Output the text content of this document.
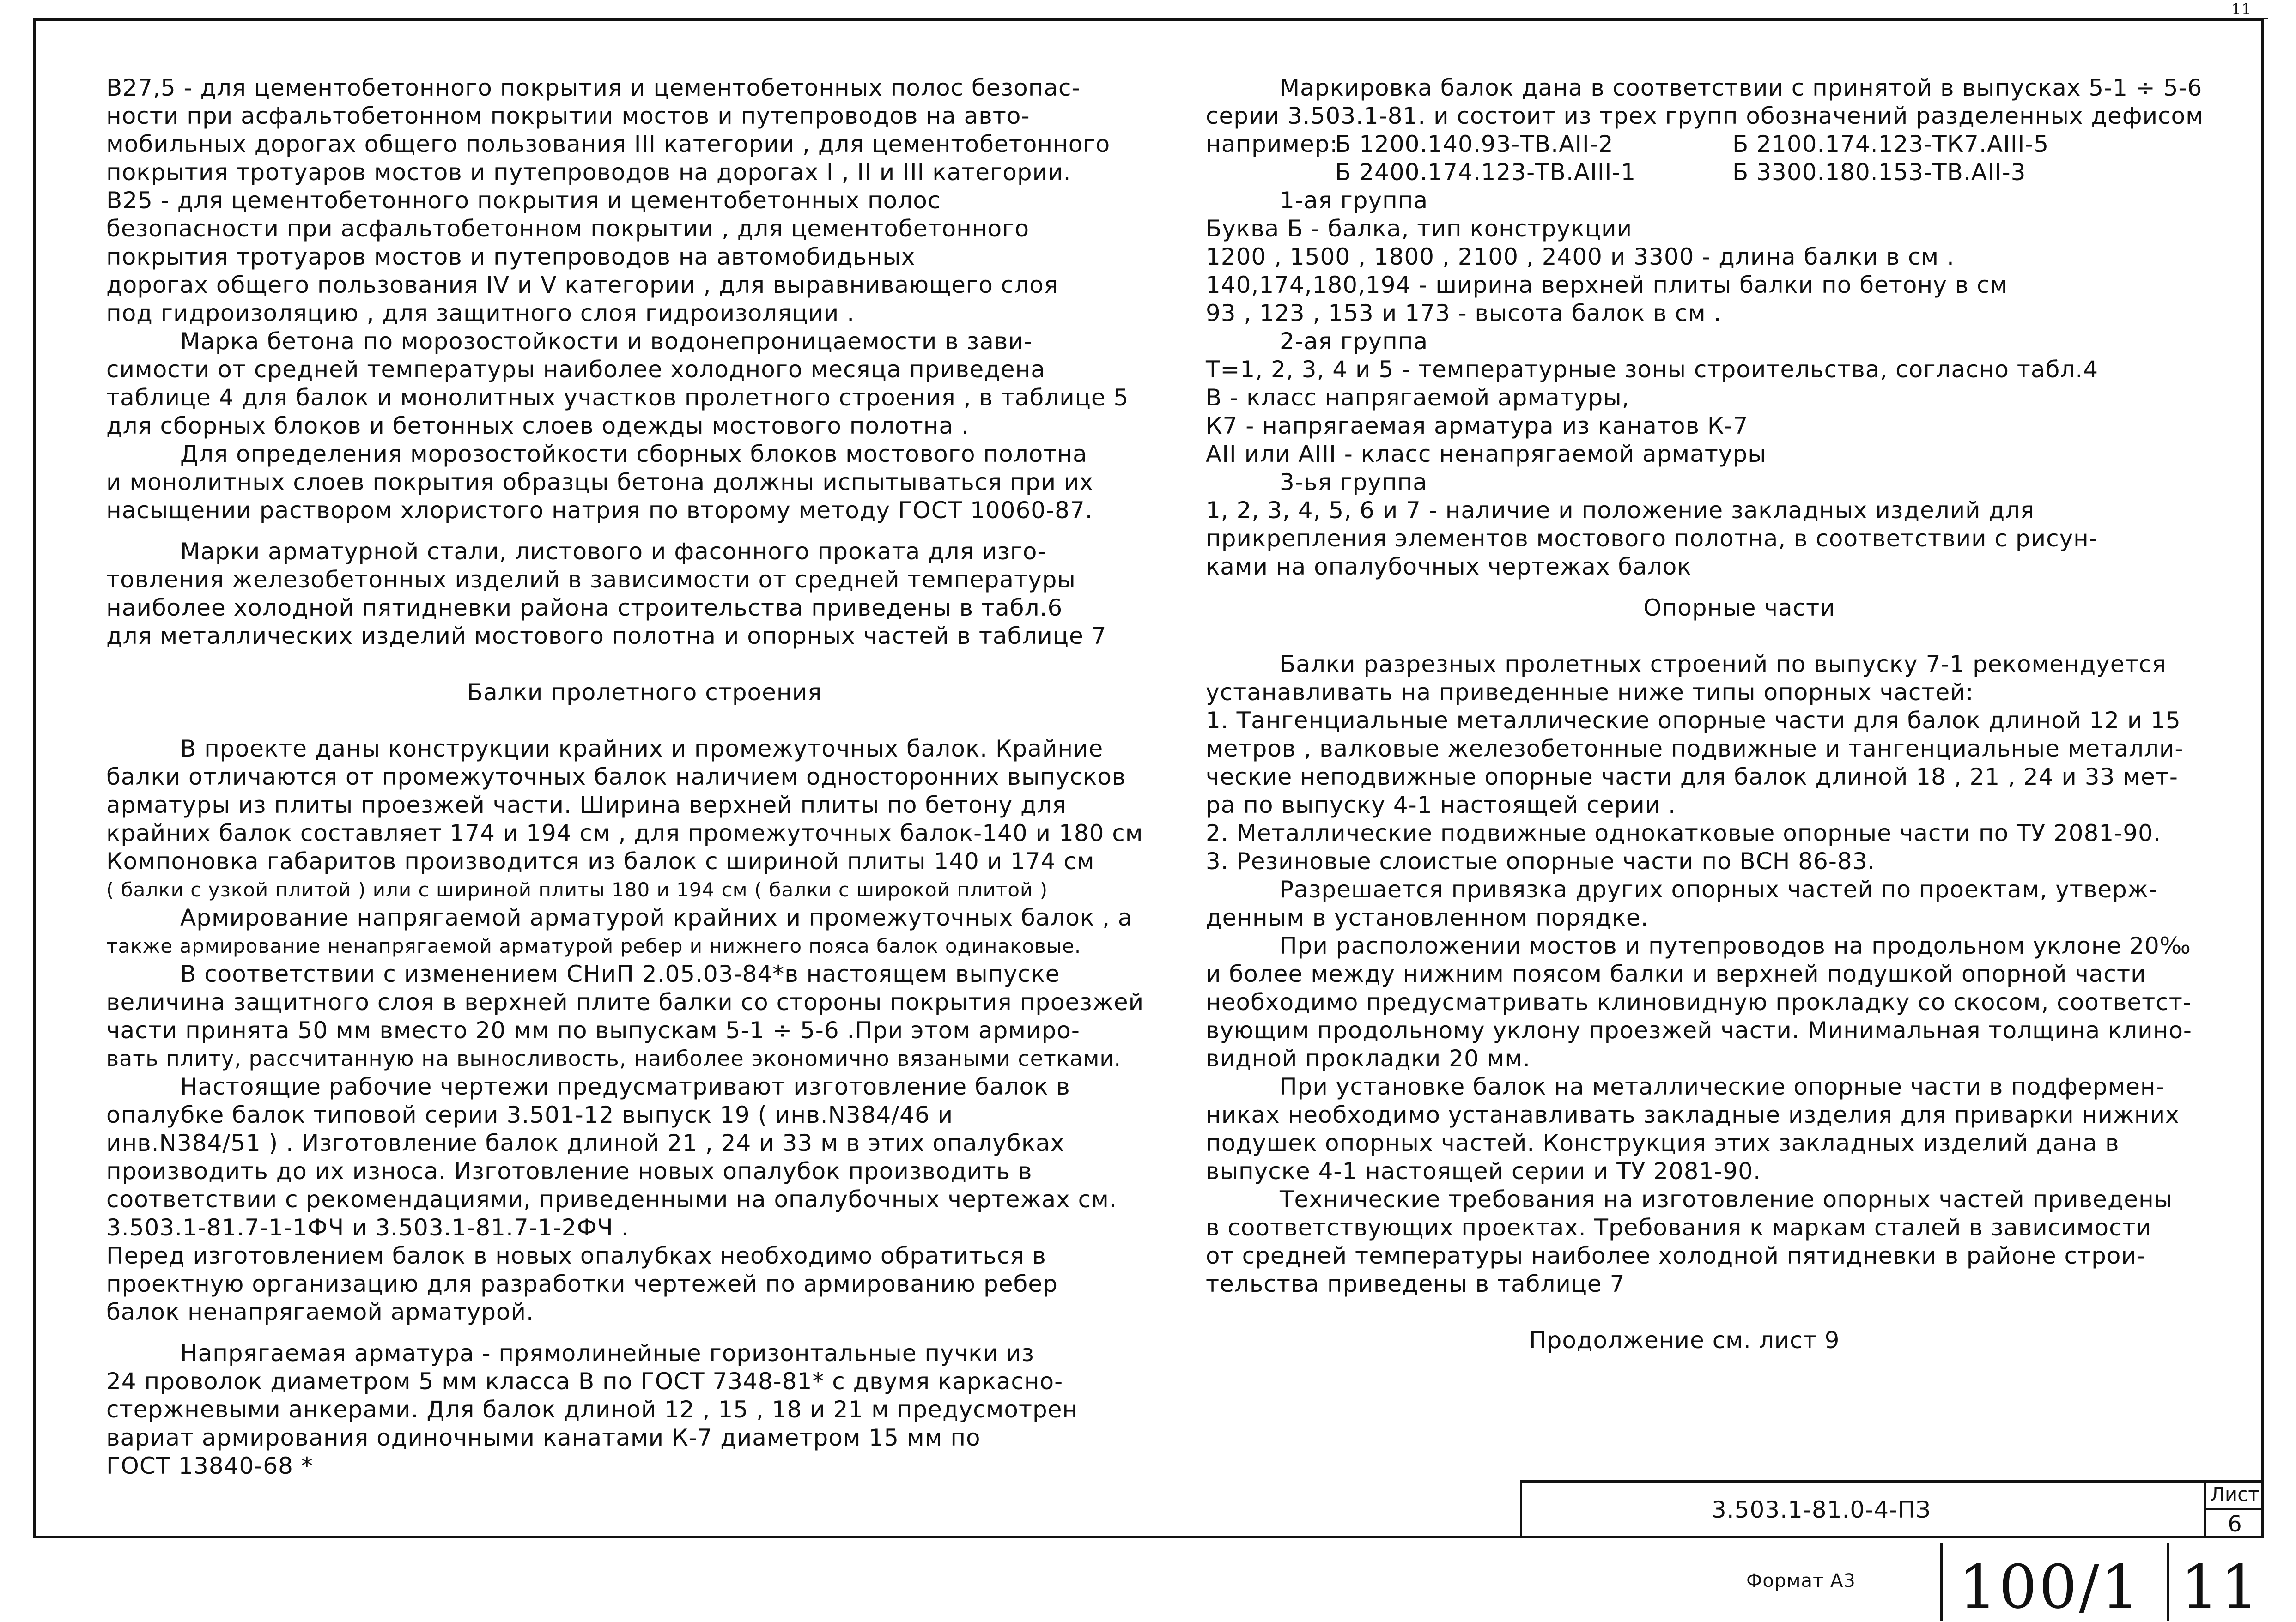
11

B27,5 - для цементобетонного покрытия и цементобетонных полос безопас-

ности при асфальтобетонном покрытии мостов и путепроводов на авто-

мобильных дорогах общего пользования III категории , для цементобетонного

покрытия тротуаров мостов и путепроводов на дорогах I , II и III категории.

B25 - для цементобетонного покрытия и цементобетонных полос

безопасности при асфальтобетонном покрытии , для цементобетонного

покрытия тротуаров мостов и путепроводов на автомобидьных

дорогах общего пользования IV и V категории , для выравнивающего слоя

под гидроизоляцию , для защитного слоя гидроизоляции .

Марка бетона по морозостойкости и водонепроницаемости в зави-

симости от средней температуры наиболее холодного месяца приведена

таблице 4 для балок и монолитных участков пролетного строения , в таблице 5

для сборных блоков и бетонных слоев одежды мостового полотна .

Для определения морозостойкости сборных блоков мостового полотна

и монолитных слоев покрытия образцы бетона должны испытываться при их

насыщении раствором хлористого натрия по второму методу ГОСТ 10060-87.

Марки арматурной стали, листового и фасонного проката для изго-

товления железобетонных изделий в зависимости от средней температуры

наиболее холодной пятидневки района строительства приведены в табл.6

для металлических изделий мостового полотна и опорных частей в таблице 7

Балки пролетного строения

В проекте даны конструкции крайних и промежуточных балок. Крайние

балки отличаются от промежуточных балок наличием односторонних выпусков

арматуры из плиты проезжей части. Ширина верхней плиты по бетону для

крайних балок составляет 174 и 194 см , для промежуточных балок-140 и 180 см

Компоновка габаритов производится из балок с шириной плиты 140 и 174 см

( балки с узкой плитой ) или с шириной плиты 180 и 194 см ( балки с широкой плитой )

Армирование напрягаемой арматурой крайних и промежуточных балок , а

также армирование ненапрягаемой арматурой ребер и нижнего пояса балок одинаковые.

В соответствии с изменением СНиП 2.05.03-84*в настоящем выпуске

величина защитного слоя в верхней плите балки со стороны покрытия проезжей

части принята 50 мм вместо 20 мм по выпускам 5-1 ÷ 5-6 .При этом армиро-

вать плиту, рассчитанную на выносливость, наиболее экономично вязаными сетками.

Настоящие рабочие чертежи предусматривают изготовление балок в

опалубке балок типовой серии 3.501-12 выпуск 19 ( инв.N384/46 и

инв.N384/51 ) . Изготовление балок длиной 21 , 24 и 33 м в этих опалубках

производить до их износа. Изготовление новых опалубок производить в

соответствии с рекомендациями, приведенными на опалубочных чертежах см.

3.503.1-81.7-1-1ФЧ и 3.503.1-81.7-1-2ФЧ .

Перед изготовлением балок в новых опалубках необходимо обратиться в

проектную организацию для разработки чертежей по армированию ребер

балок ненапрягаемой арматурой.

Напрягаемая арматура - прямолинейные горизонтальные пучки из

24 проволок диаметром 5 мм класса В по ГОСТ 7348-81* с двумя каркасно-

стержневыми анкерами. Для балок длиной 12 , 15 , 18 и 21 м предусмотрен

вариат армирования одиночными канатами К-7 диаметром 15 мм по

ГОСТ 13840-68 *

Маркировка балок дана в соответствии с принятой в выпусках 5-1 ÷ 5-6

серии 3.503.1-81. и состоит из трех групп обозначений разделенных дефисом

например:
Б 1200.140.93-ТВ.АII-2	Б 2100.174.123-ТК7.АIII-5
Б 2400.174.123-ТВ.АIII-1	Б 3300.180.153-ТВ.АII-3

1-ая группа

Буква Б - балка, тип конструкции

1200 , 1500 , 1800 , 2100 , 2400 и 3300 - длина балки в см .

140,174,180,194 - ширина верхней плиты балки по бетону в см

93 , 123 , 153 и 173 - высота балок в см .

2-ая группа

Т=1, 2, 3, 4 и 5 - температурные зоны строительства, согласно табл.4

В - класс напрягаемой арматуры,

К7 - напрягаемая арматура из канатов К-7

АII или АIII - класс ненапрягаемой арматуры

3-ья группа

1, 2, 3, 4, 5, 6 и 7 - наличие и положение закладных изделий для

прикрепления элементов мостового полотна, в соответствии с рисун-

ками на опалубочных чертежах балок

Опорные части

Балки разрезных пролетных строений по выпуску 7-1 рекомендуется

устанавливать на приведенные ниже типы опорных частей:

1. Тангенциальные металлические опорные части для балок длиной 12 и 15

метров , валковые железобетонные подвижные и тангенциальные металли-

ческие неподвижные опорные части для балок длиной 18 , 21 , 24 и 33 мет-

ра по выпуску 4-1 настоящей серии .

2. Металлические подвижные однокатковые опорные части по ТУ 2081-90.

3. Резиновые слоистые опорные части по ВСН 86-83.

Разрешается привязка других опорных частей по проектам, утверж-

денным в установленном порядке.

При расположении мостов и путепроводов на продольном уклоне 20‰

и более между нижним поясом балки и верхней подушкой опорной части

необходимо предусматривать клиновидную прокладку со скосом, соответст-

вующим продольному уклону проезжей части. Минимальная толщина клино-

видной прокладки 20 мм.

При установке балок на металлические опорные части в подфермен-

никах необходимо устанавливать закладные изделия для приварки нижних

подушек опорных частей. Конструкция этих закладных изделий дана в

выпуске 4-1 настоящей серии и ТУ 2081-90.

Технические требования на изготовление опорных частей приведены

в соответствующих проектах. Требования к маркам сталей в зависимости

от средней температуры наиболее холодной пятидневки в районе строи-

тельства приведены в таблице 7

Продолжение см. лист 9

3.503.1-81.0-4-ПЗ
Лист
6
Формат А3 100/1 11
